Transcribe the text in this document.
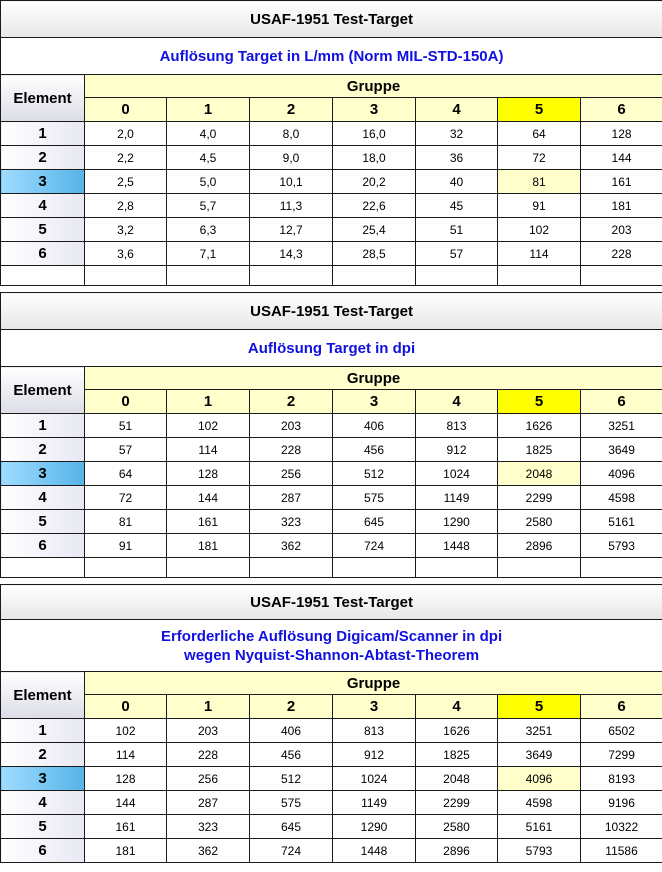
USAF-1951 Test-Target							

Auflösung Target in L/mm (Norm MIL-STD-150A)							

Element	Gruppe						
	0	1	2	3	4	5	6
1	2,0	4,0	8,0	16,0	32	64	128
2	2,2	4,5	9,0	18,0	36	72	144
3	2,5	5,0	10,1	20,2	40	81	161
4	2,8	5,7	11,3	22,6	45	91	181
5	3,2	6,3	12,7	25,4	51	102	203
6	3,6	7,1	14,3	28,5	57	114	228

USAF-1951 Test-Target							

Auflösung Target in dpi							

Element	Gruppe						
	0	1	2	3	4	5	6
1	51	102	203	406	813	1626	3251
2	57	114	228	456	912	1825	3649
3	64	128	256	512	1024	2048	4096
4	72	144	287	575	1149	2299	4598
5	81	161	323	645	1290	2580	5161
6	91	181	362	724	1448	2896	5793

USAF-1951 Test-Target							

Erforderliche Auflösung Digicam/Scanner in dpi
wegen Nyquist-Shannon-Abtast-Theorem							

Element	Gruppe						
	0	1	2	3	4	5	6
1	102	203	406	813	1626	3251	6502
2	114	228	456	912	1825	3649	7299
3	128	256	512	1024	2048	4096	8193
4	144	287	575	1149	2299	4598	9196
5	161	323	645	1290	2580	5161	10322
6	181	362	724	1448	2896	5793	11586
